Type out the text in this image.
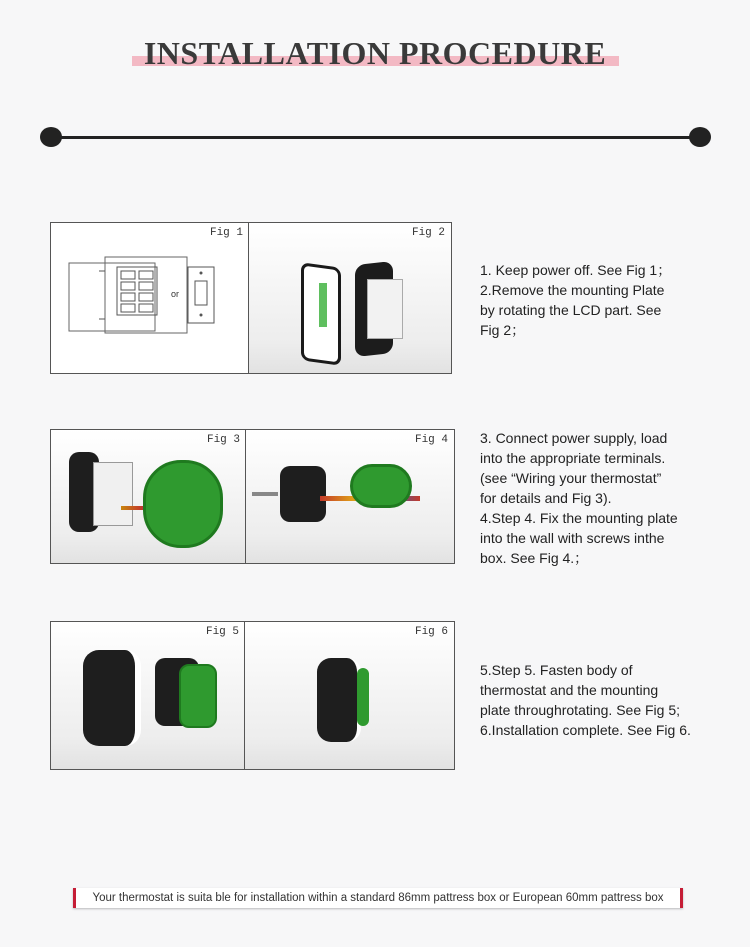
INSTALLATION PROCEDURE
Fig 1
or
Fig 2
1. Keep power off. See Fig 1；
2.Remove the mounting Plate
by rotating the LCD part. See
Fig 2；
Fig 3	Fig 4 3. Connect power supply, load
into the appropriate terminals.
(see “Wiring your thermostat”
for details and Fig 3).
4.Step 4. Fix the mounting plate
into the wall with screws inthe
box. See Fig 4.；
Fig 5	Fig 6
5.Step 5. Fasten body of
thermostat and the mounting
plate throughrotating. See Fig 5;
6.Installation complete. See Fig 6.
Your thermostat is suita ble for installation within a standard 86mm pattress box or European 60mm pattress box
